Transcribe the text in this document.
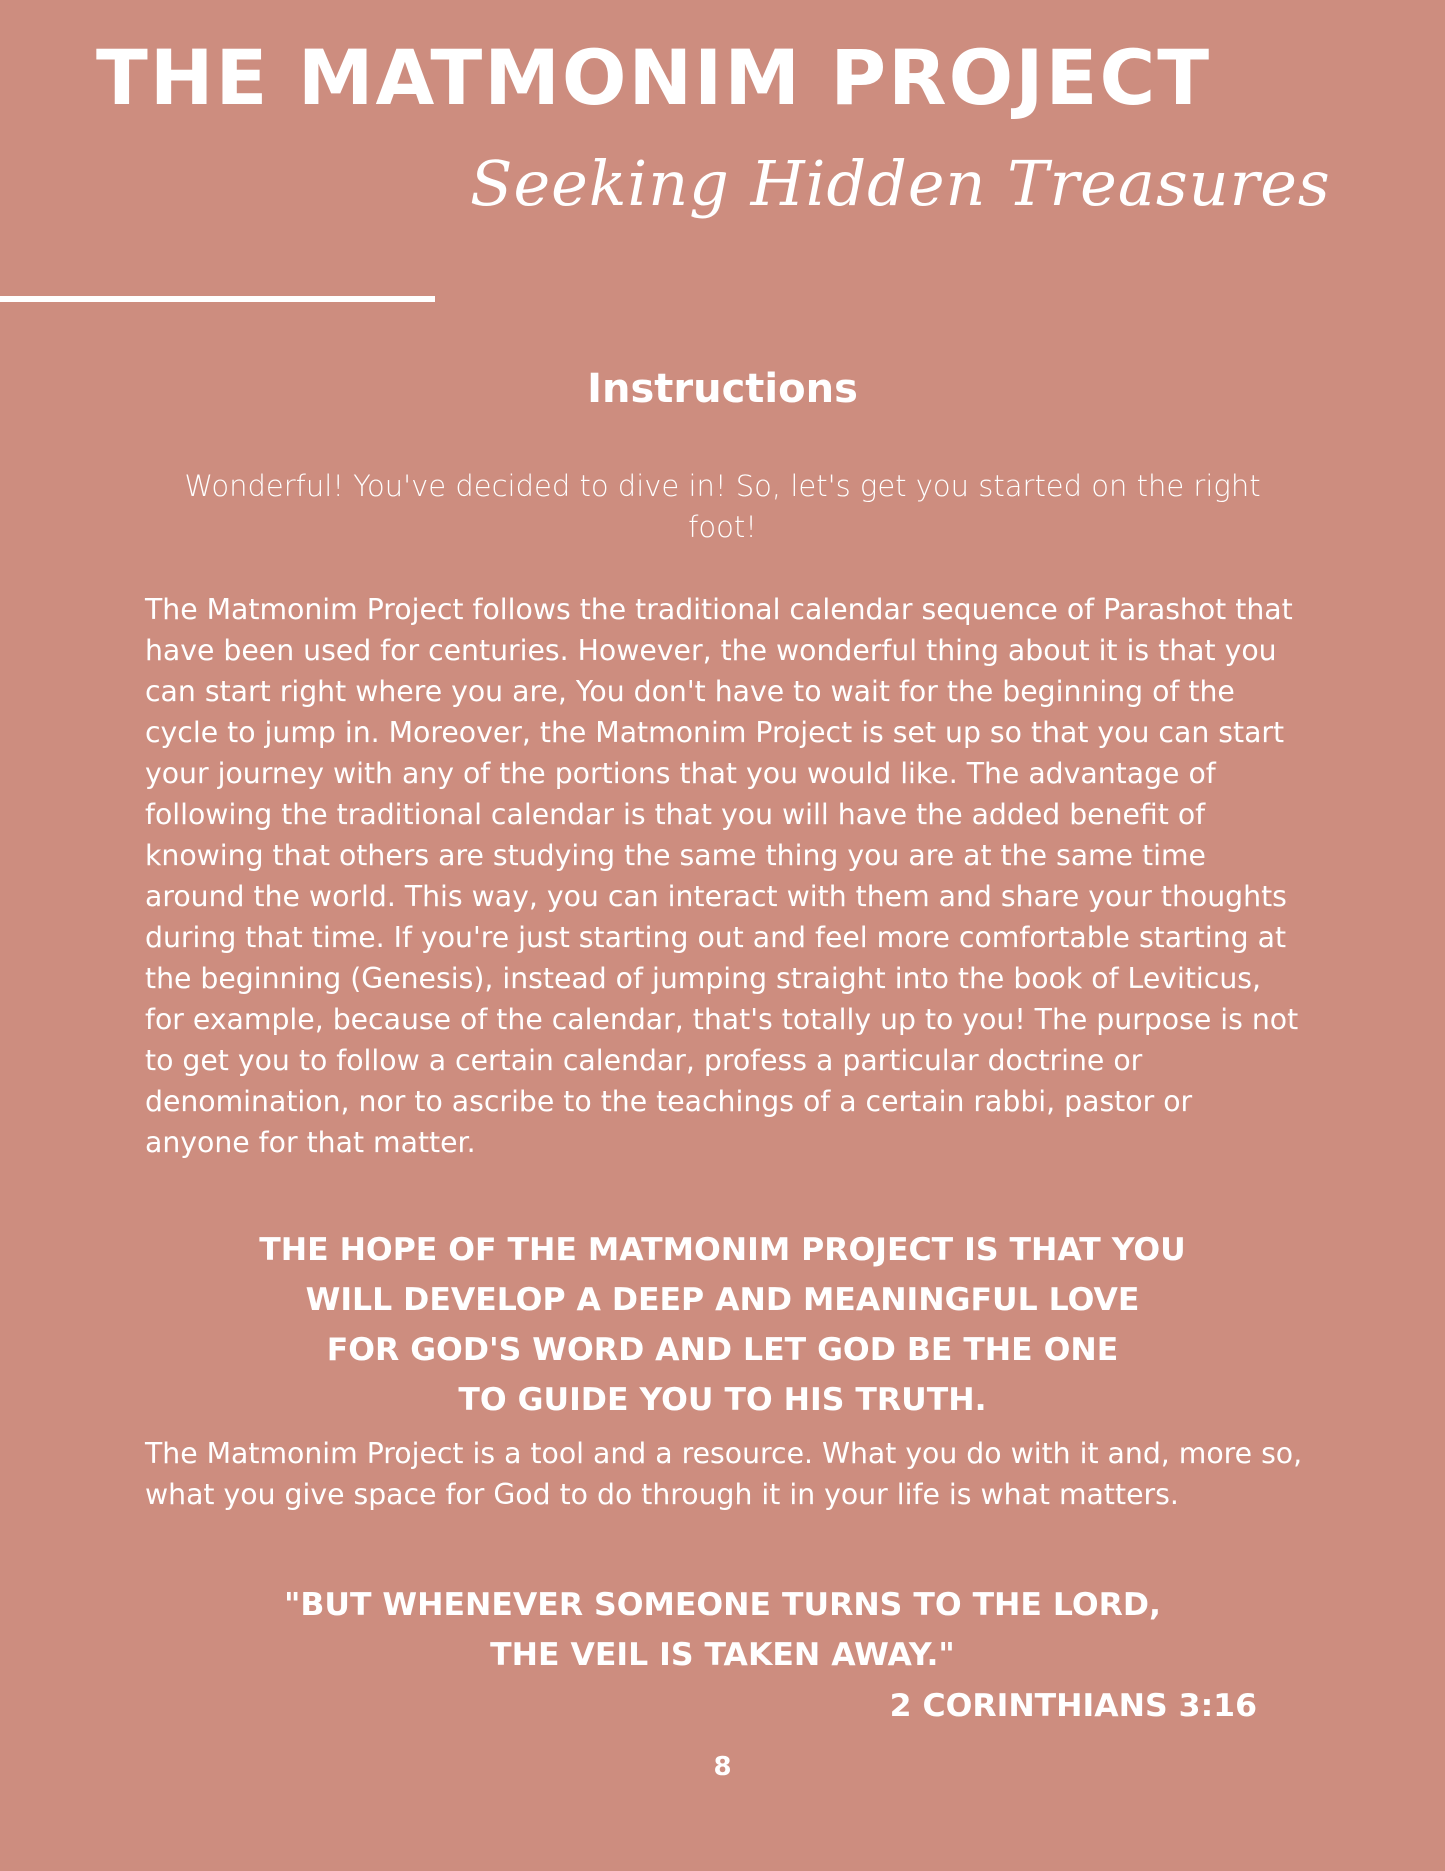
THE MATMONIM PROJECT
Seeking Hidden Treasures
Instructions
Wonderful! You've decided to dive in! So, let's get you started on the right foot!
The Matmonim Project follows the traditional calendar sequence of Parashot that have been used for centuries. However, the wonderful thing about it is that you can start right where you are, You don't have to wait for the beginning of the cycle to jump in. Moreover, the Matmonim Project is set up so that you can start your journey with any of the portions that you would like. The advantage of following the traditional calendar is that you will have the added benefit of knowing that others are studying the same thing you are at the same time around the world. This way, you can interact with them and share your thoughts during that time. If you're just starting out and feel more comfortable starting at the beginning (Genesis), instead of jumping straight into the book of Leviticus, for example, because of the calendar, that's totally up to you! The purpose is not to get you to follow a certain calendar, profess a particular doctrine or denomination, nor to ascribe to the teachings of a certain rabbi, pastor or anyone for that matter.
THE HOPE OF THE MATMONIM PROJECT IS THAT YOU
WILL DEVELOP A DEEP AND MEANINGFUL LOVE
FOR GOD'S WORD AND LET GOD BE THE ONE
TO GUIDE YOU TO HIS TRUTH.
The Matmonim Project is a tool and a resource. What you do with it and, more so, what you give space for God to do through it in your life is what matters.
"BUT WHENEVER SOMEONE TURNS TO THE LORD,
THE VEIL IS TAKEN AWAY."
2 CORINTHIANS 3:16
8
